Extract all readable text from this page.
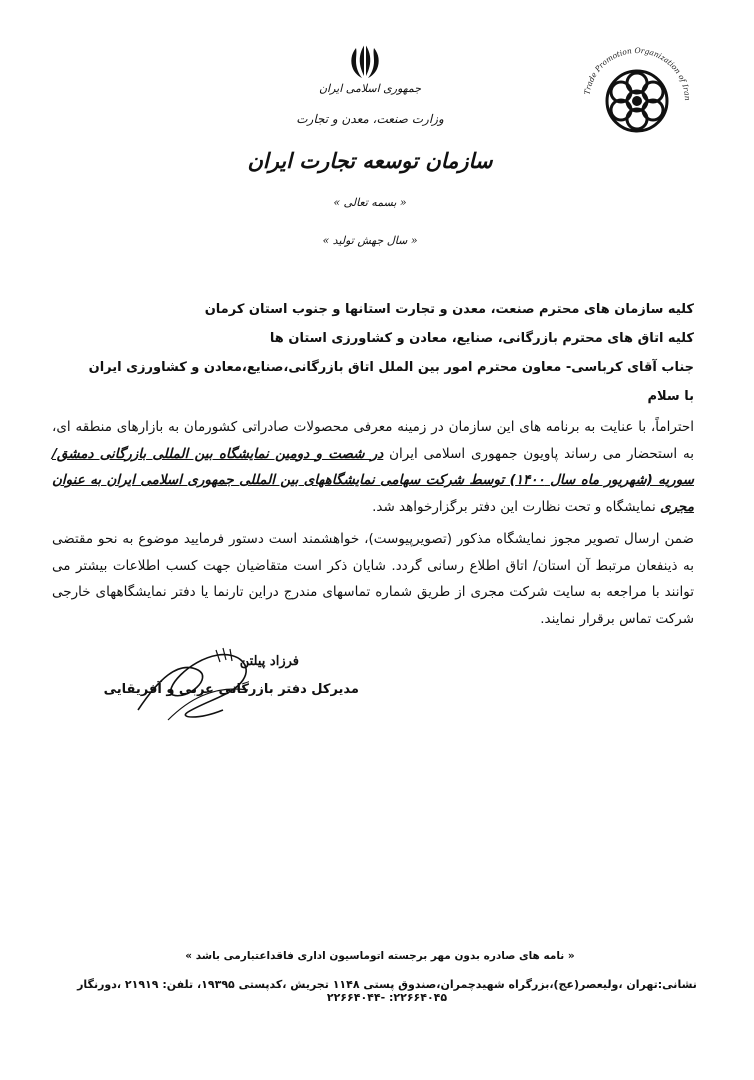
جمهوری اسلامی ایران
وزارت صنعت، معدن و تجارت
سازمان توسعه تجارت ایران
« بسمه تعالی »
« سال جهش تولید »
Trade Promotion Organization of Iran
کلیه سازمان های محترم صنعت، معدن و تجارت استانها و جنوب استان کرمان
کلیه اتاق های محترم بازرگانی، صنایع، معادن و کشاورزی استان ها
جناب آقای کرباسی- معاون محترم امور بین الملل اتاق بازرگانی،صنایع،معادن و کشاورزی ایران
با سلام
احتراماً، با عنایت به برنامه های این سازمان در زمینه معرفی محصولات صادراتی کشورمان به بازارهای منطقه ای، به استحضار می رساند پاویون جمهوری اسلامی ایران در شصت و دومین نمایشگاه بین المللی بازرگانی دمشق/ سوریه (شهریور ماه سال ۱۴۰۰) توسط شرکت سهامی نمایشگاههای بین المللی جمهوری اسلامی ایران به عنوان مجری نمایشگاه و تحت نظارت این دفتر برگزارخواهد شد.
ضمن ارسال تصویر مجوز نمایشگاه مذکور (تصویرپیوست)، خواهشمند است دستور فرمایید موضوع به نحو مقتضی به ذینفعان مرتبط آن استان/ اتاق اطلاع رسانی گردد. شایان ذکر است متقاضیان جهت کسب اطلاعات بیشتر می توانند با مراجعه به سایت شرکت مجری از طریق شماره تماسهای مندرج دراین تارنما یا دفتر نمایشگاههای خارجی شرکت تماس برقرار نمایند.
فرزاد پیلتن
مدیرکل دفتر بازرگانی عربی و آفریقایی
« نامه های صادره بدون مهر برجسته اتوماسیون اداری فاقداعتبارمی باشد »
نشانی:تهران ،ولیعصر(عج)،بزرگراه شهیدچمران،صندوق پستی ۱۱۴۸ تجریش ،کدپستی ۱۹۳۹۵، تلفن: ۲۱۹۱۹ ،دورنگار ۲۲۶۶۴۰۴۵: -۲۲۶۶۴۰۴۴
